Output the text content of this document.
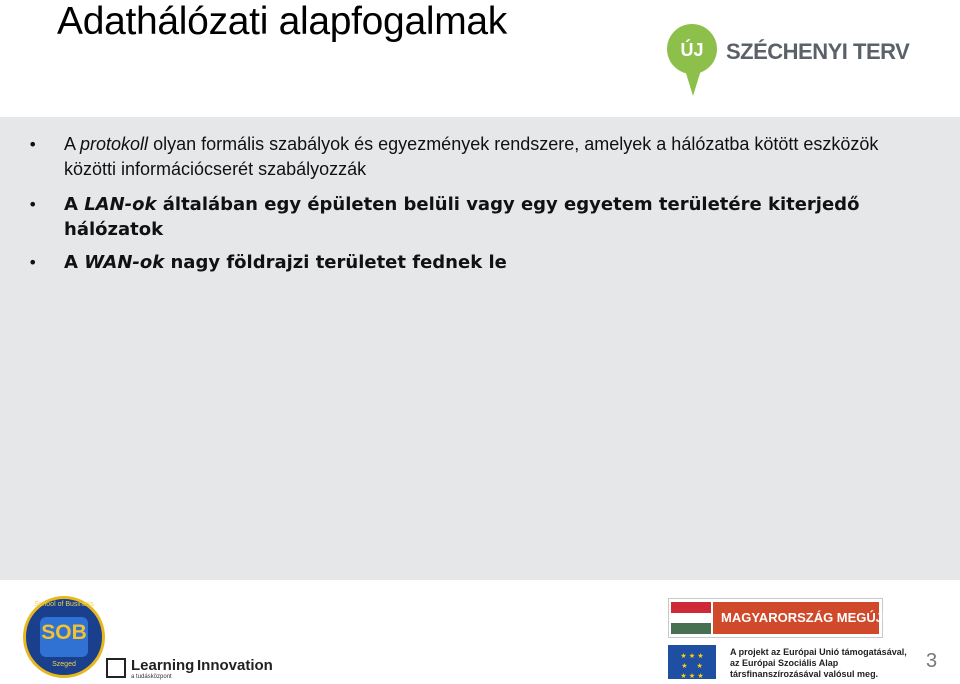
Adathálózati alapfogalmak
ÚJ	SZÉCHENYI TERV
• A protokoll olyan formális szabályok és egyezmények rendszere, amelyek a hálózatba kötött eszközök közötti információcserét szabályozzák
• A LAN-ok általában egy épületen belüli vagy egy egyetem területére kiterjedő hálózatok
• A WAN-ok nagy földrajzi területet fednek le
School of Business
SOB
Szeged	Learning Innovation
a tudásközpont
MAGYARORSZÁG MEGÚJUL
★ ★ ★
★    ★
★ ★ ★
A projekt az Európai Unió támogatásával,
az Európai Szociális Alap
társfinanszírozásával valósul meg.
3
